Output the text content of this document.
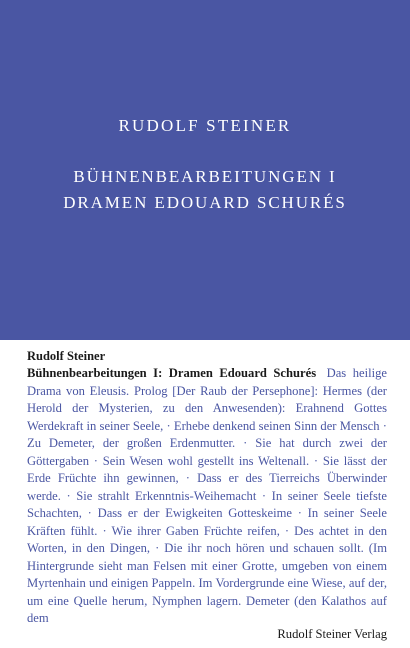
RUDOLF STEINER
BÜHNENBEARBEITUNGEN I
DRAMEN EDOUARD SCHURÉS
Rudolf Steiner
Bühnenbearbeitungen I: Dramen Edouard Schurés Das heilige Drama von Eleusis. Prolog [Der Raub der Persephone]: Hermes (der Herold der Mysterien, zu den Anwesenden): Erahnend Gottes Werdekraft in seiner Seele, · Erhebe denkend seinen Sinn der Mensch · Zu Demeter, der großen Erdenmutter. · Sie hat durch zwei der Göttergaben · Sein Wesen wohl gestellt ins Weltenall. · Sie lässt der Erde Früchte ihn gewinnen, · Dass er des Tierreichs Überwinder werde. · Sie strahlt Erkenntnis-Weihemacht · In seiner Seele tiefste Schachten, · Dass er der Ewigkeiten Gotteskeime · In seiner Seele Kräften fühlt. · Wie ihrer Gaben Früchte reifen, · Des achtet in den Worten, in den Dingen, · Die ihr noch hören und schauen sollt. (Im Hintergrunde sieht man Felsen mit einer Grotte, umgeben von einem Myrtenhain und einigen Pappeln. Im Vordergrunde eine Wiese, auf der, um eine Quelle herum, Nymphen lagern. Demeter (den Kalathos auf dem
Rudolf Steiner Verlag
